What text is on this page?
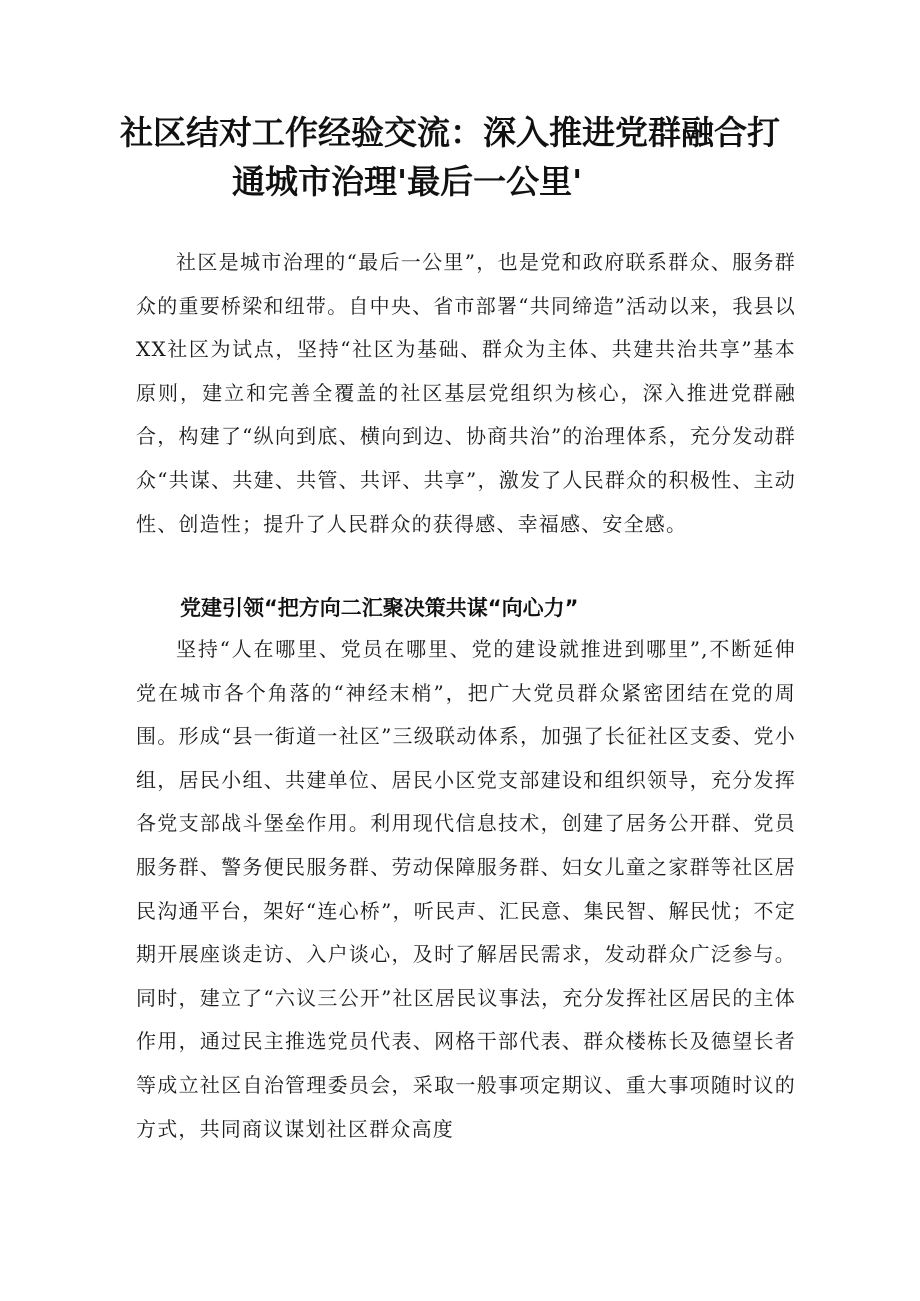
社区结对工作经验交流：深入推进党群融合打
通城市治理'最后一公里'

社区是城市治理的“最后一公里”，也是党和政府联系群众、服务群众的重要桥梁和纽带。自中央、省市部署“共同缔造”活动以来，我县以XX社区为试点，坚持“社区为基础、群众为主体、共建共治共享”基本原则，建立和完善全覆盖的社区基层党组织为核心，深入推进党群融合，构建了“纵向到底、横向到边、协商共治”的治理体系，充分发动群众“共谋、共建、共管、共评、共享”，激发了人民群众的积极性、主动性、创造性；提升了人民群众的获得感、幸福感、安全感。

党建引领“把方向二汇聚决策共谋“向心力”

坚持“人在哪里、党员在哪里、党的建设就推进到哪里”,不断延伸党在城市各个角落的“神经末梢”，把广大党员群众紧密团结在党的周围。形成“县一街道一社区”三级联动体系，加强了长征社区支委、党小组，居民小组、共建单位、居民小区党支部建设和组织领导，充分发挥各党支部战斗堡垒作用。利用现代信息技术，创建了居务公开群、党员服务群、警务便民服务群、劳动保障服务群、妇女儿童之家群等社区居民沟通平台，架好“连心桥”，听民声、汇民意、集民智、解民忧；不定期开展座谈走访、入户谈心，及时了解居民需求，发动群众广泛参与。同时，建立了“六议三公开”社区居民议事法，充分发挥社区居民的主体作用，通过民主推选党员代表、网格干部代表、群众楼栋长及德望长者等成立社区自治管理委员会，采取一般事项定期议、重大事项随时议的方式，共同商议谋划社区群众高度
